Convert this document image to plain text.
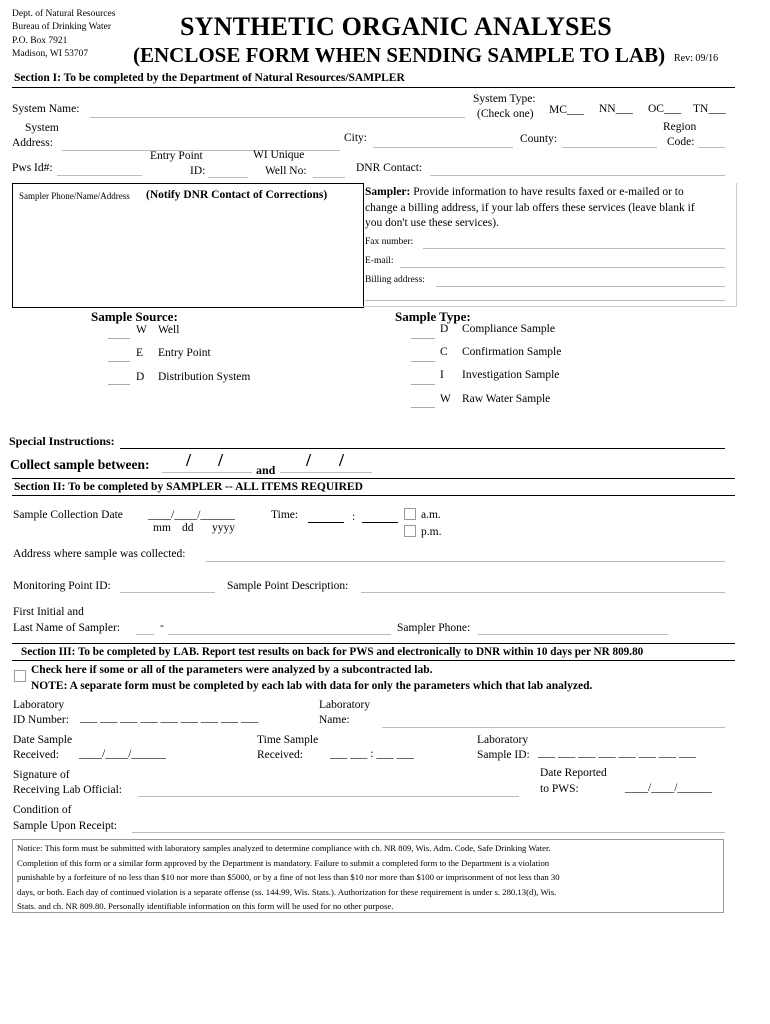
Dept. of Natural Resources
Bureau of Drinking Water
P.O. Box 7921
Madison, WI 53707
SYNTHETIC ORGANIC ANALYSES
(ENCLOSE FORM WHEN SENDING SAMPLE TO LAB) Rev: 09/16
Section I: To be completed by the Department of Natural Resources/SAMPLER
System Name:
System Type:
(Check one) MC___ NN___ OC___ TN___
System
Address:	City:	County:
Region
Code:
Pws Id#:
Entry Point
ID:
WI Unique
Well No:	DNR Contact:
Sampler Phone/Name/Address (Notify DNR Contact of Corrections)	Sampler: Provide information to have results faxed or e-mailed or to
change a billing address, if your lab offers these services (leave blank if
you don't use these services).
Fax number:
E-mail:
Billing address:
Sample Source:
W Well
E Entry Point
D Distribution System
Sample Type:
D Compliance Sample
C Confirmation Sample
I Investigation Sample
W Raw Water Sample
Special Instructions:
Collect sample between: / /	and / /
Section II: To be completed by SAMPLER -- ALL ITEMS REQUIRED
Sample Collection Date ____/____/______
mm dd yyyy
Time:	:	a.m.
p.m.
Address where sample was collected:
Monitoring Point ID:	Sample Point Description:
First Initial and
Last Name of Sampler:	-	Sampler Phone:
Section III: To be completed by LAB. Report test results on back for PWS and electronically to DNR within 10 days per NR 809.80
Check here if some or all of the parameters were analyzed by a subcontracted lab.
NOTE: A separate form must be completed by each lab with data for only the parameters which that lab analyzed.
Laboratory
ID Number: ___ ___ ___ ___ ___ ___ ___ ___ ___
Laboratory
Name:
Date Sample
Received: ____/____/______
Time Sample
Received: ___ ___ : ___ ___
Laboratory
Sample ID: ___ ___ ___ ___ ___ ___ ___ ___
Signature of
Receiving Lab Official:
Date Reported
to PWS:	____/____/______
Condition of
Sample Upon Receipt:
Notice: This form must be submitted with laboratory samples analyzed to determine compliance with ch. NR 809, Wis. Adm. Code, Safe Drinking Water.
Completion of this form or a similar form approved by the Department is mandatory. Failure to submit a completed form to the Department is a violation
punishable by a forfeiture of no less than $10 nor more than $5000, or by a fine of not less than $10 nor more than $100 or imprisonment of not less than 30
days, or both. Each day of continued violation is a separate offense (ss. 144.99, Wis. Stats.). Authorization for these requirement is under s. 280.13(d), Wis.
Stats. and ch. NR 809.80. Personally identifiable information on this form will be used for no other purpose.
